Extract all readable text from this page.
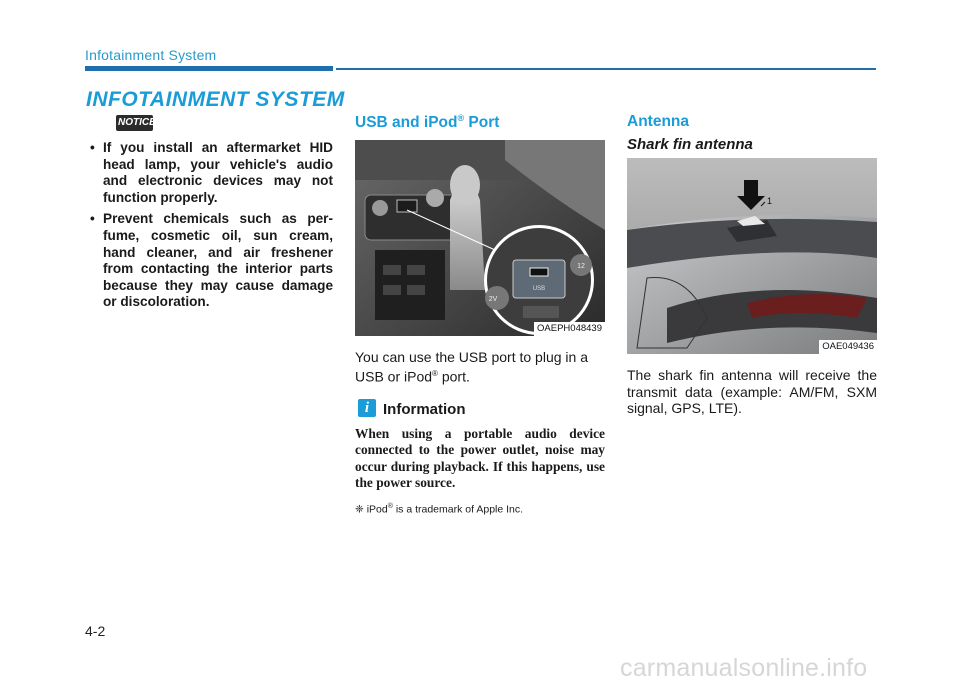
Infotainment System
INFOTAINMENT SYSTEM
NOTICE
• If you install an aftermarket HID head lamp, your vehicle's audio and electronic devices may not function properly.
• Prevent chemicals such as per-fume, cosmetic oil, sun cream, hand cleaner, and air freshener from contacting the interior parts because they may cause damage or discoloration.
USB and iPod® Port
USB
12
2V
OAEPH048439
You can use the USB port to plug in a USB or iPod® port.
i Information
When using a portable audio device connected to the power outlet, noise may occur during playback. If this happens, use the power source.
❈ iPod® is a trademark of Apple Inc.
Antenna
Shark fin antenna
1
OAE049436
The shark fin antenna will receive the transmit data (example: AM/FM, SXM signal, GPS, LTE).
4-2
carmanualsonline.info
